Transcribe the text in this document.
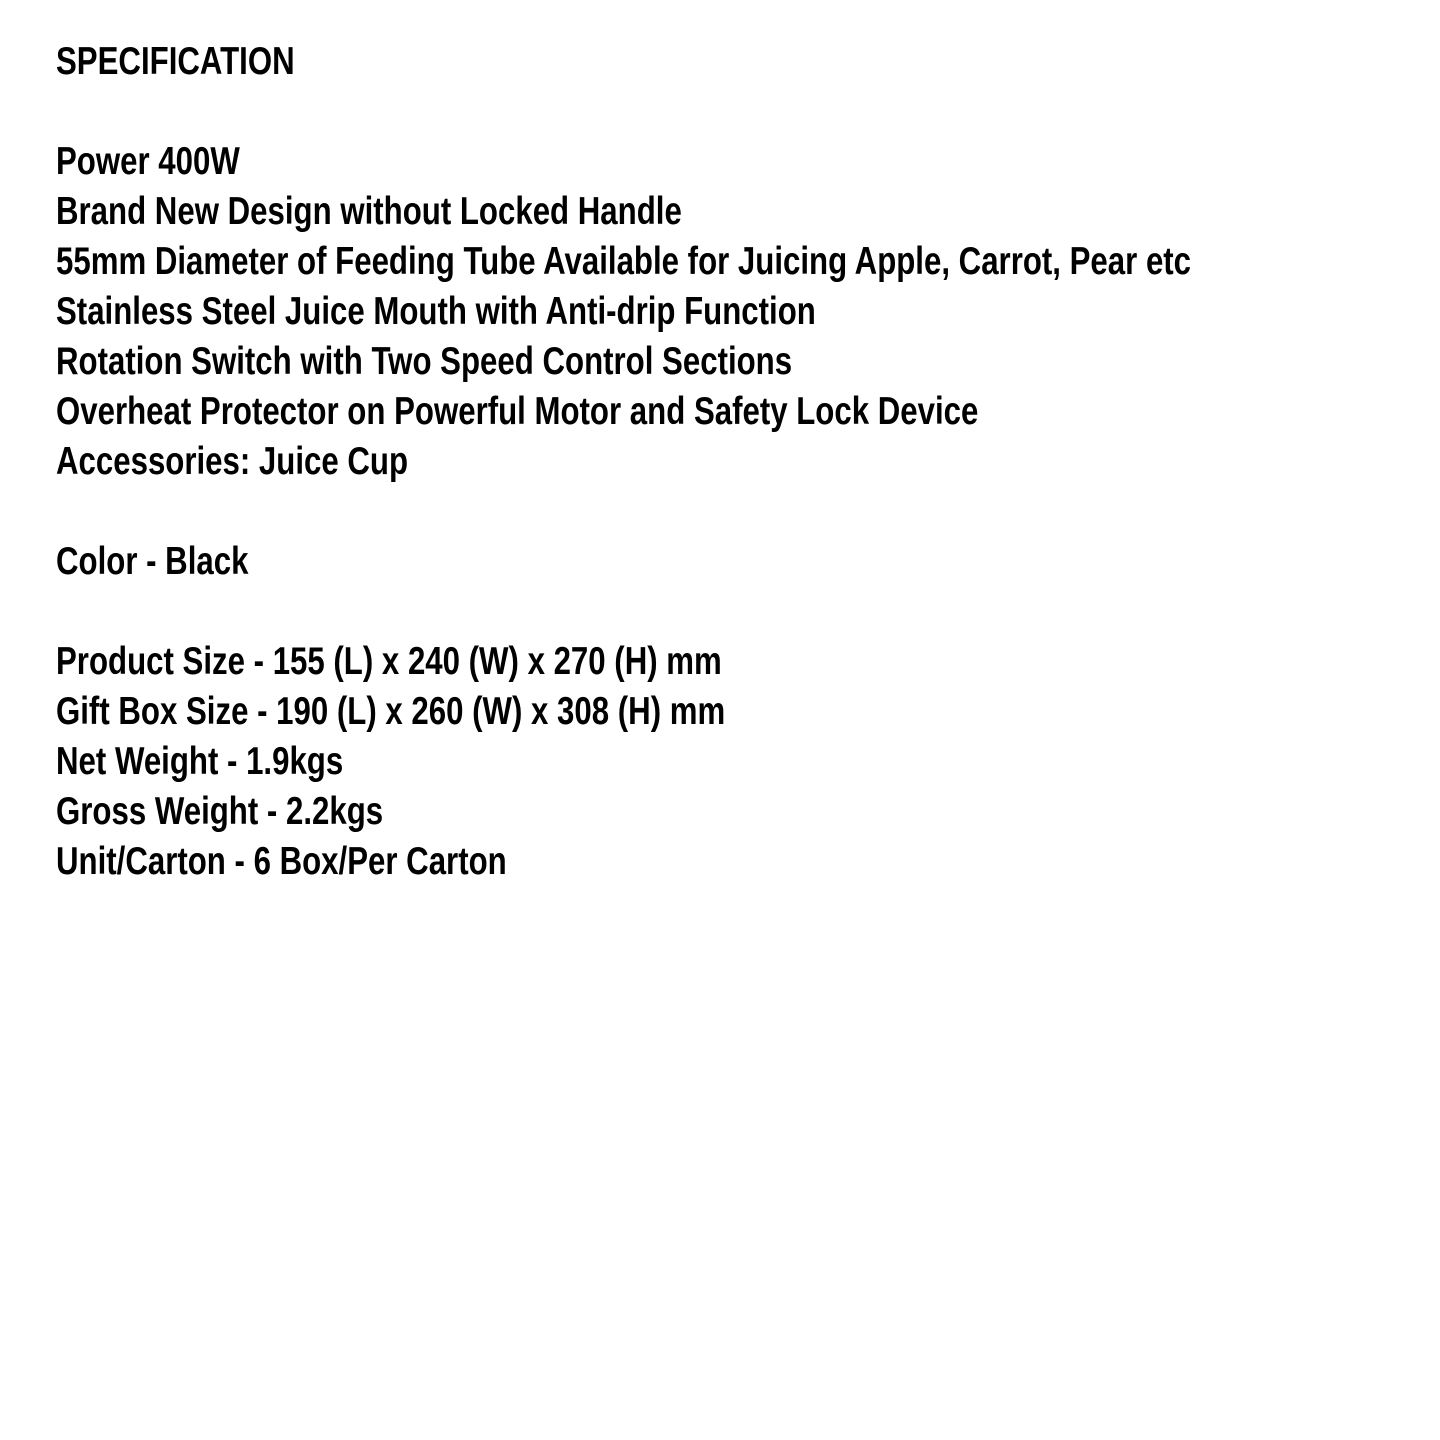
SPECIFICATION

Power 400W

Brand New Design without Locked Handle

55mm Diameter of Feeding Tube Available for Juicing Apple, Carrot, Pear etc

Stainless Steel Juice Mouth with Anti-drip Function

Rotation Switch with Two Speed Control Sections

Overheat Protector on Powerful Motor and Safety Lock Device

Accessories: Juice Cup

Color - Black

Product Size - 155 (L) x 240 (W) x 270 (H) mm

Gift Box Size - 190 (L) x 260 (W) x 308 (H) mm

Net Weight - 1.9kgs

Gross Weight - 2.2kgs

Unit/Carton - 6 Box/Per Carton
